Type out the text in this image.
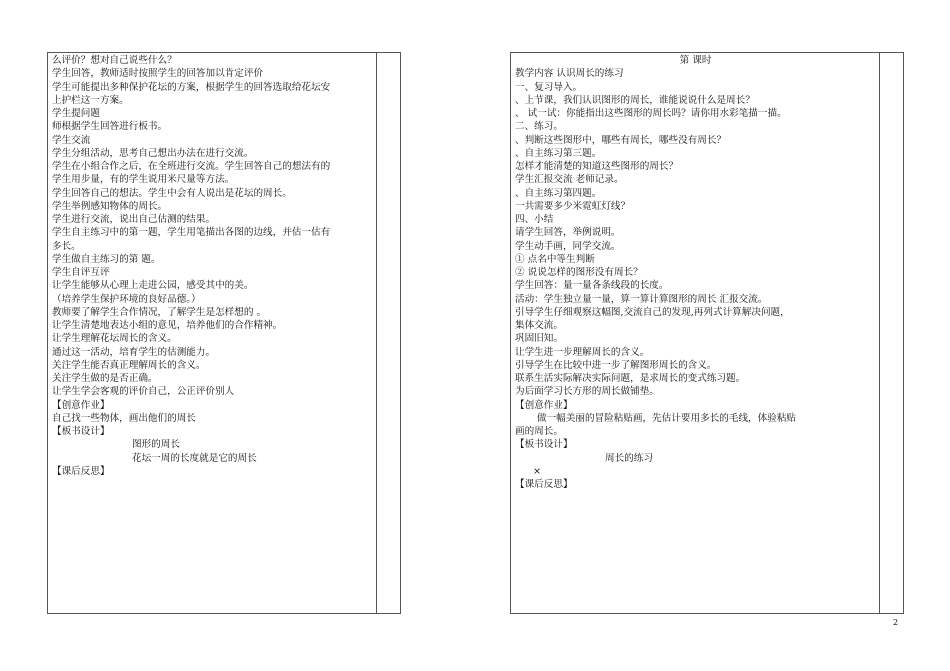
么评价？想对自己说些什么？
学生回答，教师适时按照学生的回答加以肯定评价
学生可能提出多种保护花坛的方案，根据学生的回答选取给花坛安
上护栏这一方案。
学生提问题
师根据学生回答进行板书。
学生交流
学生分组活动，思考自己想出办法在进行交流。
学生在小组合作之后，在全班进行交流。学生回答自己的想法有的
学生用步量，有的学生说用米尺量等方法。
学生回答自己的想法。学生中会有人说出是花坛的周长。
学生举例感知物体的周长。
学生进行交流，说出自己估测的结果。
学生自主练习中的第一题，学生用笔描出各图的边线，并估一估有
多长。
学生做自主练习的第 题。
学生自评互评
让学生能够从心理上走进公园，感受其中的美。
（培养学生保护环境的良好品德。）
教师要了解学生合作情况，了解学生是怎样想的 。
让学生清楚地表达小组的意见，培养他们的合作精神。
让学生理解花坛周长的含义。
通过这一活动，培育学生的估测能力。
关注学生能否真正理解周长的含义。
关注学生做的是否正确。
让学生学会客观的评价自己，公正评价别人
【创意作业】
自己找一些物体，画出他们的周长
【板书设计】
图形的周长
花坛一周的长度就是它的周长
【课后反思】
第 课时
教学内容 认识周长的练习
一、复习导入。
、上节课，我们认识图形的周长，谁能说说什么是周长？
、 试一试：你能指出这些图形的周长吗？请你用水彩笔描一描。
二、练习。
、判断这些图形中，哪些有周长，哪些没有周长？
、自主练习第三题。
怎样才能清楚的知道这些图形的周长？
学生汇报交流 老师记录。
、自主练习第四题。
一共需要多少米霓虹灯线？
四、小结
请学生回答，举例说明。
学生动手画，同学交流。
① 点名中等生判断
② 说说怎样的图形没有周长？
学生回答：量一量各条线段的长度。
活动：学生独立量一量，算一算计算图形的周长 汇报交流。
引导学生仔细观察这幅图,交流自己的发现,再列式计算解决问题，
集体交流。
巩固旧知。
让学生进一步理解周长的含义。
引导学生在比较中进一步了解图形周长的含义。
联系生活实际解决实际问题，是求周长的变式练习题。
为后面学习长方形的周长做铺垫。
【创意作业】
做一幅美丽的冒险粘贴画，先估计要用多长的毛线，体验粘贴
画的周长。
【板书设计】
周长的练习
×
【课后反思】
2
